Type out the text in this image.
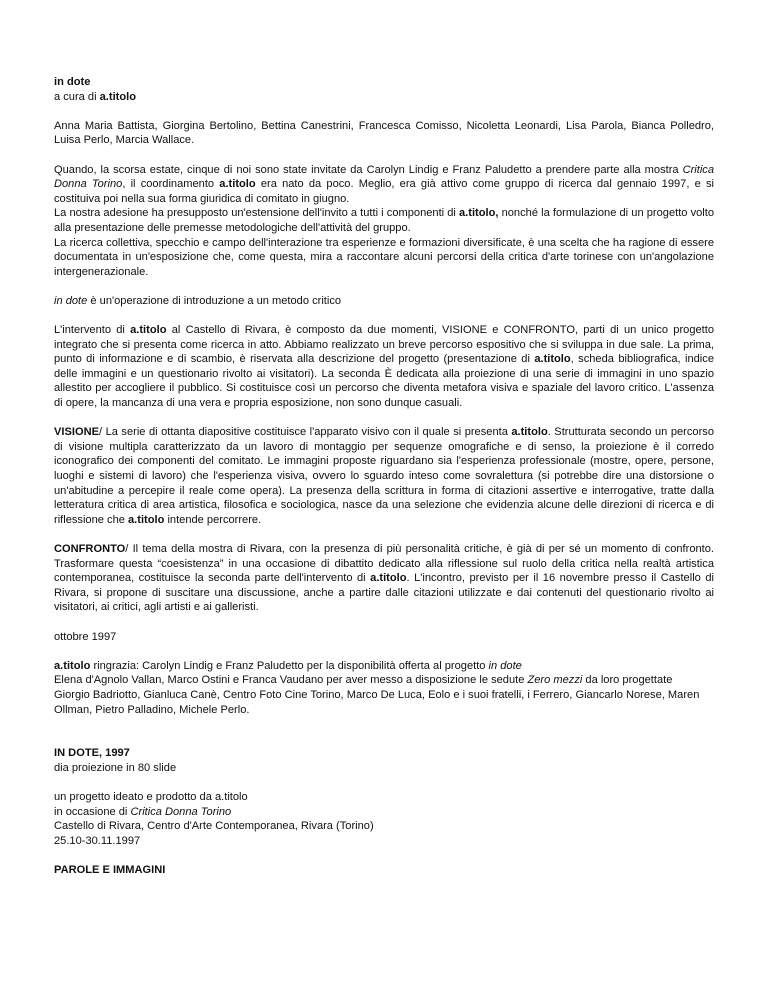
in dote

a cura di a.titolo

Anna Maria Battista, Giorgina Bertolino, Bettina Canestrini, Francesca Comisso, Nicoletta Leonardi, Lisa Parola, Bianca Polledro, Luisa Perlo, Marcia Wallace.

Quando, la scorsa estate, cinque di noi sono state invitate da Carolyn Lindig e Franz Paludetto a prendere parte alla mostra Critica Donna Torino, il coordinamento a.titolo era nato da poco. Meglio, era già attivo come gruppo di ricerca dal gennaio 1997, e si costituiva poi nella sua forma giuridica di comitato in giugno.

La nostra adesione ha presupposto un'estensione dell'invito a tutti i componenti di a.titolo, nonché la formulazione di un progetto volto alla presentazione delle premesse metodologiche dell'attività del gruppo.

La ricerca collettiva, specchio e campo dell'interazione tra esperienze e formazioni diversificate, è una scelta che ha ragione di essere documentata in un'esposizione che, come questa, mira a raccontare alcuni percorsi della critica d'arte torinese con un'angolazione intergenerazionale.

in dote è un'operazione di introduzione a un metodo critico

L'intervento di a.titolo al Castello di Rivara, è composto da due momenti, VISIONE e CONFRONTO, parti di un unico progetto integrato che si presenta come ricerca in atto. Abbiamo realizzato un breve percorso espositivo che si sviluppa in due sale. La prima, punto di informazione e di scambio, è riservata alla descrizione del progetto (presentazione di a.titolo, scheda bibliografica, indice delle immagini e un questionario rivolto ai visitatori). La seconda È dedicata alla proiezione di una serie di immagini in uno spazio allestito per accogliere il pubblico. Si costituisce così un percorso che diventa metafora visiva e spaziale del lavoro critico. L'assenza di opere, la mancanza di una vera e propria esposizione, non sono dunque casuali.

VISIONE/ La serie di ottanta diapositive costituisce l'apparato visivo con il quale si presenta a.titolo. Strutturata secondo un percorso di visione multipla caratterizzato da un lavoro di montaggio per sequenze omografiche e di senso, la proiezione è il corredo iconografico dei componenti del comitato. Le immagini proposte riguardano sia l'esperienza professionale (mostre, opere, persone, luoghi e sistemi di lavoro) che l'esperienza visiva, ovvero lo sguardo inteso come sovralettura (si potrebbe dire una distorsione o un'abitudine a percepire il reale come opera). La presenza della scrittura in forma di citazioni assertive e interrogative, tratte dalla letteratura critica di area artistica, filosofica e sociologica, nasce da una selezione che evidenzia alcune delle direzioni di ricerca e di riflessione che a.titolo intende percorrere.

CONFRONTO/ Il tema della mostra di Rivara, con la presenza di più personalità critiche, è già di per sé un momento di confronto. Trasformare questa “coesistenza” in una occasione di dibattito dedicato alla riflessione sul ruolo della critica nella realtà artistica contemporanea, costituisce la seconda parte dell'intervento di a.titolo. L'incontro, previsto per il 16 novembre presso il Castello di Rivara, si propone di suscitare una discussione, anche a partire dalle citazioni utilizzate e dai contenuti del questionario rivolto ai visitatori, ai critici, agli artisti e ai galleristi.

ottobre 1997

a.titolo ringrazia: Carolyn Lindig e Franz Paludetto per la disponibilità offerta al progetto in dote

Elena d'Agnolo Vallan, Marco Ostini e Franca Vaudano per aver messo a disposizione le sedute Zero mezzi da loro progettate

Giorgio Badriotto, Gianluca Canè, Centro Foto Cine Torino, Marco De Luca, Eolo e i suoi fratelli, i Ferrero, Giancarlo Norese, Maren Ollman, Pietro Palladino, Michele Perlo.

IN DOTE, 1997

dia proiezione in 80 slide

un progetto ideato e prodotto da a.titolo

in occasione di Critica Donna Torino

Castello di Rivara, Centro d'Arte Contemporanea, Rivara (Torino)

25.10-30.11.1997

PAROLE E IMMAGINI
